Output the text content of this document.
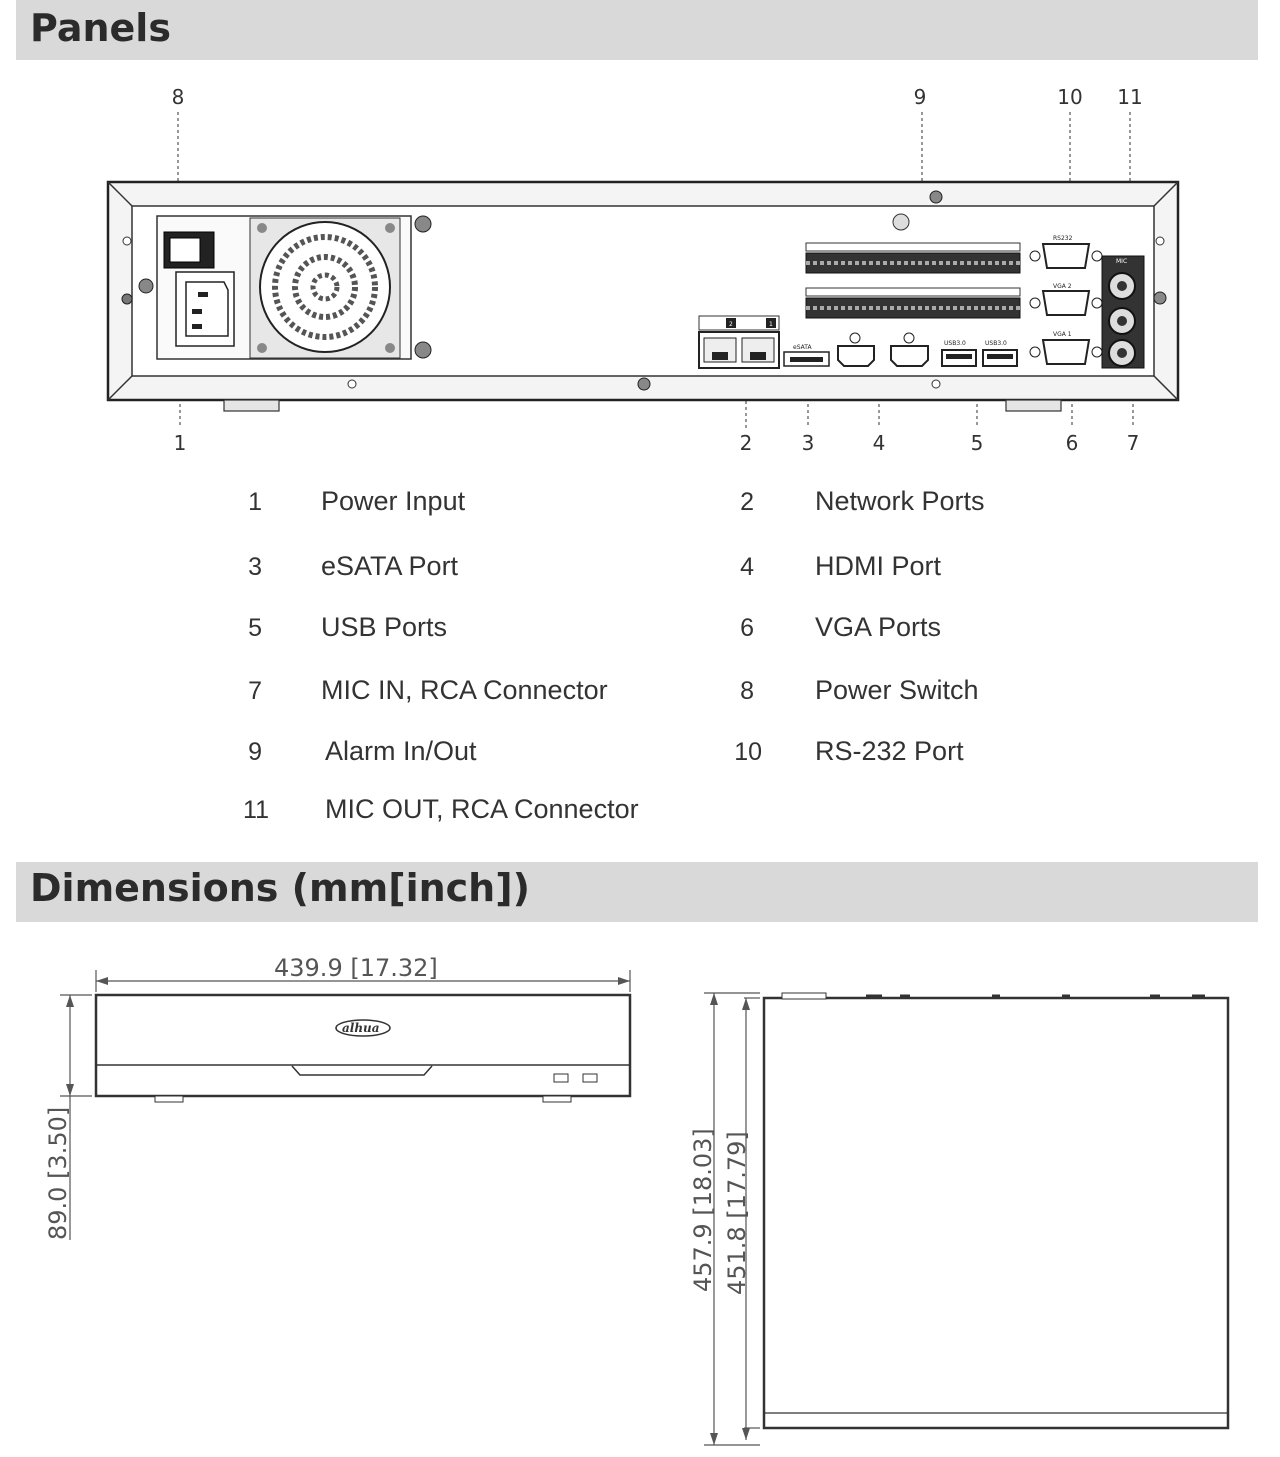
Panels
Dimensions (mm[inch])
8	9	10 11
1	2 3	4	5	6 7
2	1
eSATA
USB3.0	USB3.0
RS232
VGA 2
VGA 1
MIC
1 Power Input	2 Network Ports
3 eSATA Port	4 HDMI Port
5 USB Ports	6 VGA Ports
7 MIC IN, RCA Connector	8 Power Switch
9 Alarm In/Out	10 RS-232 Port
11 MIC OUT, RCA Connector
439.9 [17.32]
alhua
89.0 [3.50]	457.9 [18.03] 451.8 [17.79]
